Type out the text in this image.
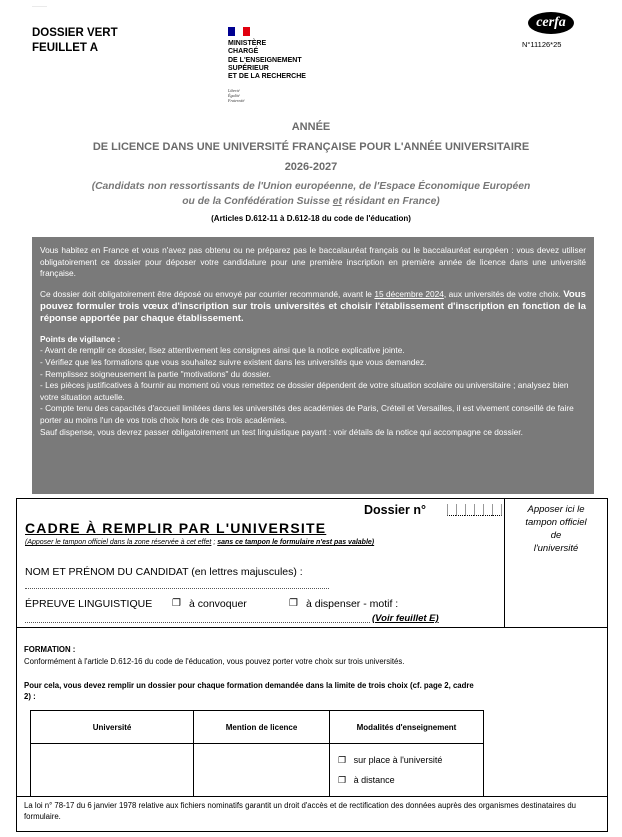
—————
DOSSIER VERT
FEUILLET A	MINISTÈRE
CHARGÉ
DE L'ENSEIGNEMENT
SUPÉRIEUR
ET DE LA RECHERCHE
Liberté
Égalité
Fraternité
cerfa
N°11126*25
ANNÉE
DE LICENCE DANS UNE UNIVERSITÉ FRANÇAISE POUR L'ANNÉE UNIVERSITAIRE
2026-2027
(Candidats non ressortissants de l'Union européenne, de l'Espace Économique Européen
ou de la Confédération Suisse et résidant en France)
(Articles D.612-11 à D.612-18 du code de l'éducation)

Vous habitez en France et vous n'avez pas obtenu ou ne préparez pas le baccalauréat français ou le baccalauréat européen : vous devez utiliser obligatoirement ce dossier pour déposer votre candidature pour une première inscription en première année de licence dans une université française.

Ce dossier doit obligatoirement être déposé ou envoyé par courrier recommandé, avant le 15 décembre 2024, aux universités de votre choix. Vous pouvez formuler trois vœux d'inscription sur trois universités et choisir l'établissement d'inscription en fonction de la réponse apportée par chaque établissement.

Points de vigilance :
- Avant de remplir ce dossier, lisez attentivement les consignes ainsi que la notice explicative jointe.
- Vérifiez que les formations que vous souhaitez suivre existent dans les universités que vous demandez.
- Remplissez soigneusement la partie "motivations" du dossier.
- Les pièces justificatives à fournir au moment où vous remettez ce dossier dépendent de votre situation scolaire ou universitaire ; analysez bien votre situation actuelle.
- Compte tenu des capacités d'accueil limitées dans les universités des académies de Paris, Créteil et Versailles, il est vivement conseillé de faire porter au moins l'un de vos trois choix hors de ces trois académies.
Sauf dispense, vous devrez passer obligatoirement un test linguistique payant : voir détails de la notice qui accompagne ce dossier.
Apposer ici le
tampon officiel
de
l'université
Dossier n°
CADRE À REMPLIR PAR L'UNIVERSITE
(Apposer le tampon officiel dans la zone réservée à cet effet ; sans ce tampon le formulaire n'est pas valable)
NOM ET PRÉNOM DU CANDIDAT (en lettres majuscules) :
ÉPREUVE LINGUISTIQUE ❐ à convoquer	❐ à dispenser - motif :
(Voir feuillet E)
FORMATION :
Conformément à l'article D.612-16 du code de l'éducation, vous pouvez porter votre choix sur trois universités.
Pour cela, vous devez remplir un dossier pour chaque formation demandée dans la limite de trois choix (cf. page 2, cadre 2) :
Université	Mention de licence	Modalités d'enseignement

		❐ sur place à l'université
❐ à distance
La loi n° 78-17 du 6 janvier 1978 relative aux fichiers nominatifs garantit un droit d'accès et de rectification des données auprès des organismes destinataires du formulaire.
